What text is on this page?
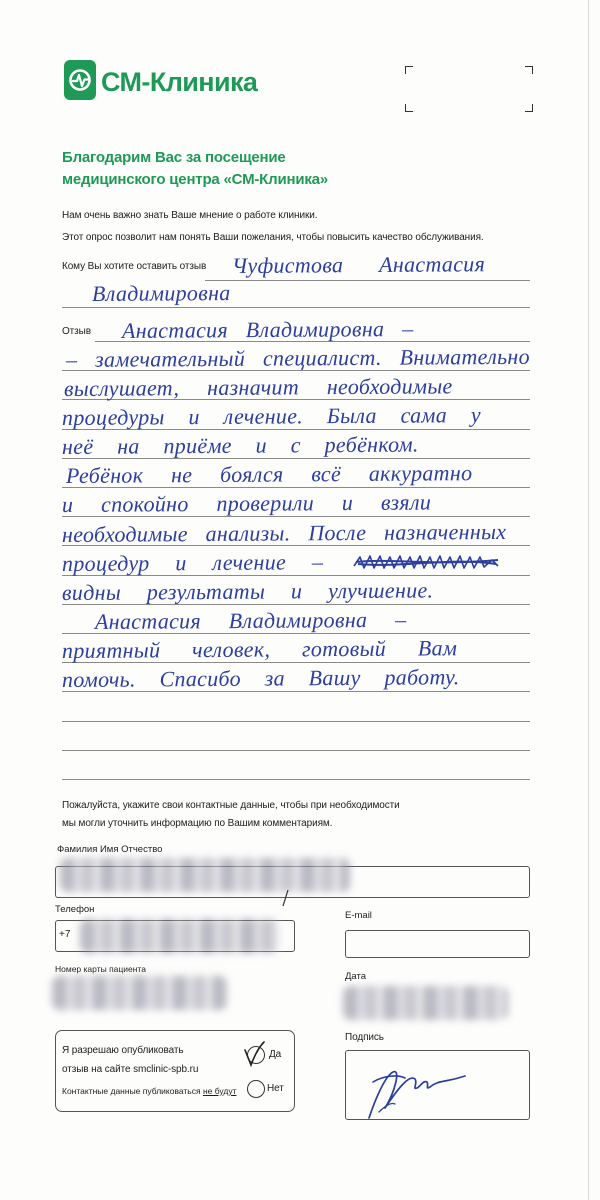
СМ-Клиника
Благодарим Вас за посещение
медицинского центра «СМ-Клиника»
Нам очень важно знать Ваше мнение о работе клиники.
Этот опрос позволит нам понять Ваши пожелания, чтобы повысить качество обслуживания.
Кому Вы хотите оставить отзыв Чуфистова Анастасия
Владимировна
Отзыв Анастасия Владимировна –
– замечательный специалист. Внимательно
выслушает, назначит необходимые
процедуры и лечение. Была сама у
неё на приёме и с ребёнком.
Ребёнок не боялся всё аккуратно
и спокойно проверили и взяли
необходимые анализы. После назначенных
процедур и лечение –
видны результаты и улучшение.
Анастасия Владимировна –
приятный человек, готовый Вам
помочь. Спасибо за Вашу работу.
Пожалуйста, укажите свои контактные данные, чтобы при необходимости
мы могли уточнить информацию по Вашим комментариям.
Фамилия Имя Отчество
Телефон
+7
E-mail
Номер карты пациента
Дата
Я разрешаю опубликовать
отзыв на сайте smclinic-spb.ru
Контактные данные публиковаться не будут
Да
Нет
Подпись
